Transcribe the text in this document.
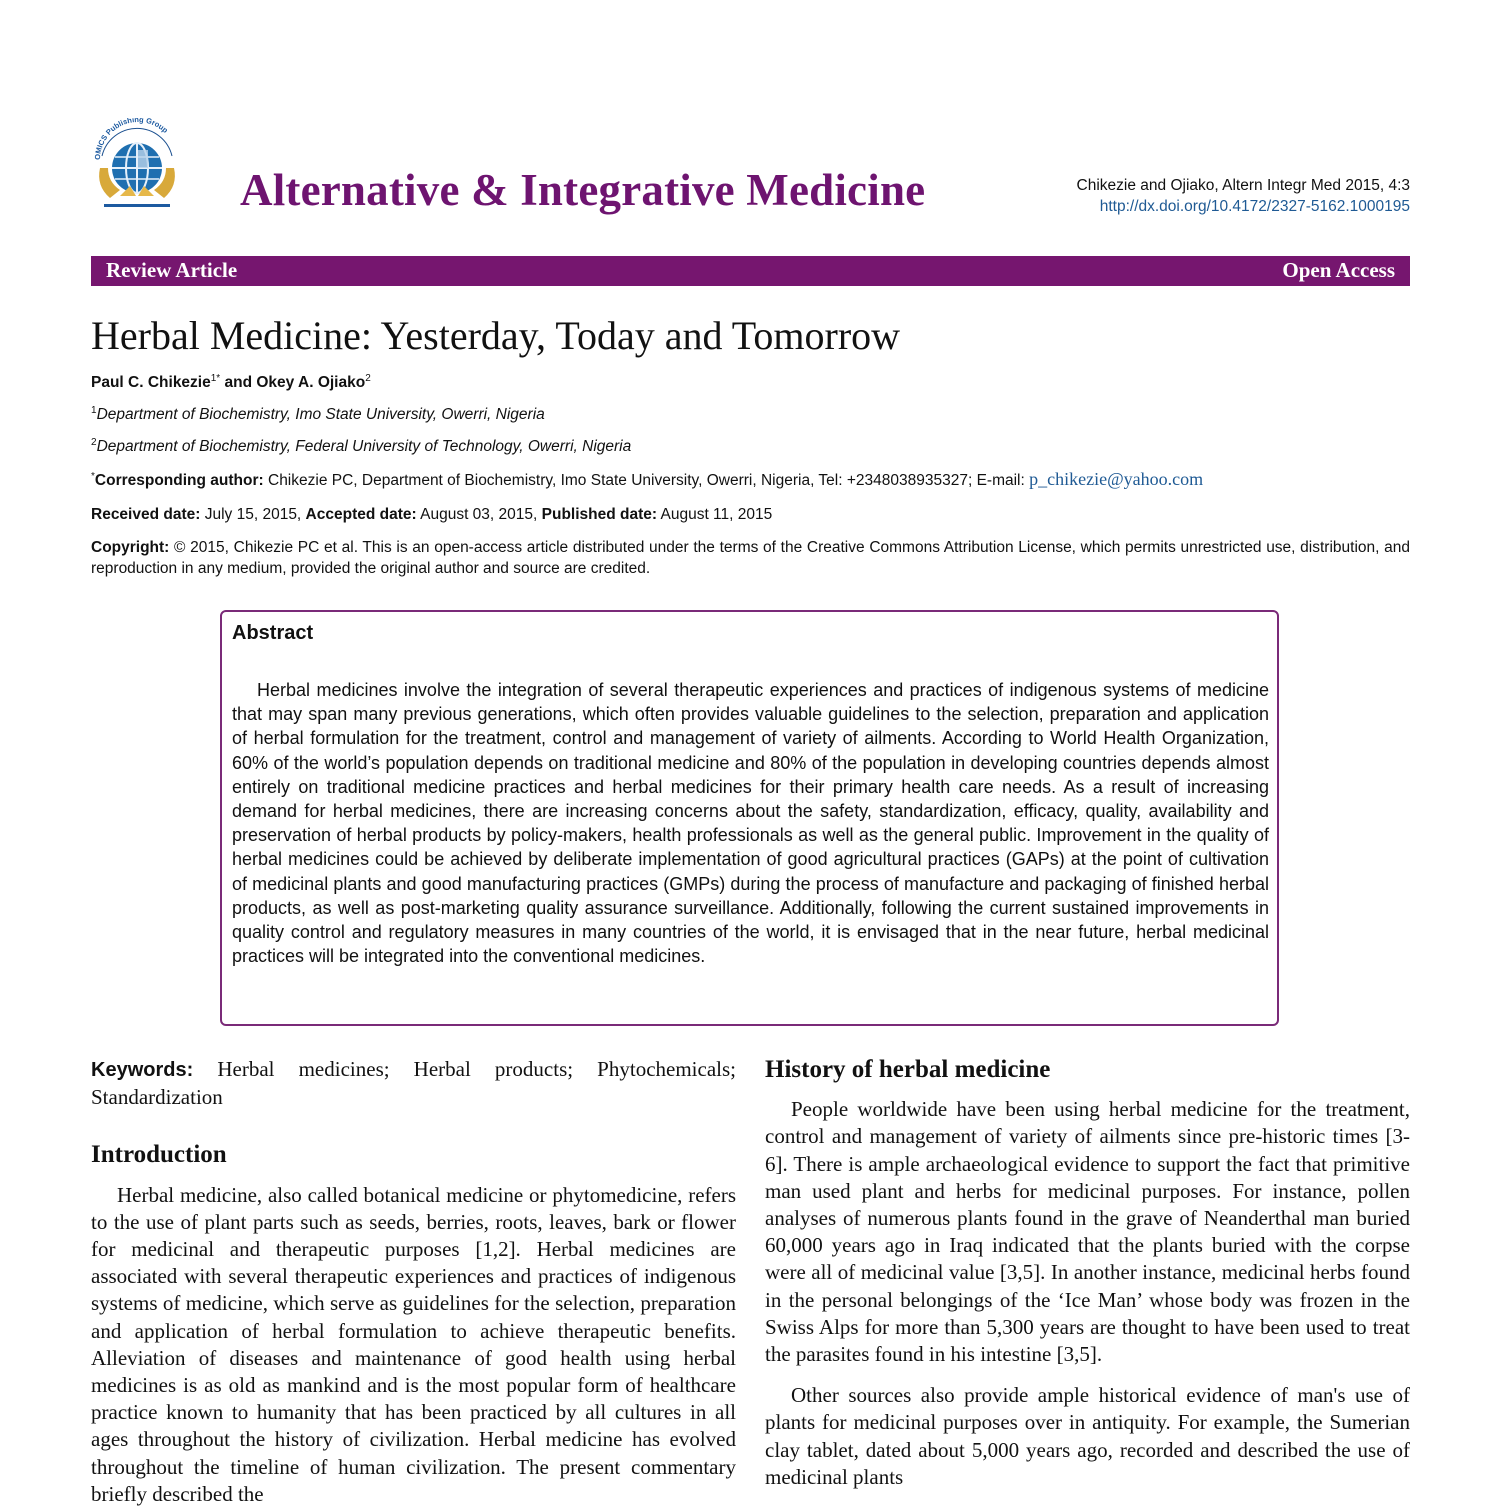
OMICS Publishing Group
Alternative & Integrative Medicine	Chikezie and Ojiako, Altern Integr Med 2015, 4:3
http://dx.doi.org/10.4172/2327-5162.1000195
Review Article	Open Access
Herbal Medicine: Yesterday, Today and Tomorrow
Paul C. Chikezie$^{1*}$ and Okey A. Ojiako$^2$
$^1$Department of Biochemistry, Imo State University, Owerri, Nigeria
$^2$Department of Biochemistry, Federal University of Technology, Owerri, Nigeria
*Corresponding author: Chikezie PC, Department of Biochemistry, Imo State University, Owerri, Nigeria, Tel: +2348038935327; E-mail: p_chikezie@yahoo.com
Received date: July 15, 2015, Accepted date: August 03, 2015, Published date: August 11, 2015
Copyright: © 2015, Chikezie PC et al. This is an open-access article distributed under the terms of the Creative Commons Attribution License, which permits unrestricted use, distribution, and reproduction in any medium, provided the original author and source are credited.
Abstract

Herbal medicines involve the integration of several therapeutic experiences and practices of indigenous systems of medicine that may span many previous generations, which often provides valuable guidelines to the selection, preparation and application of herbal formulation for the treatment, control and management of variety of ailments. According to World Health Organization, 60% of the world’s population depends on traditional medicine and 80% of the population in developing countries depends almost entirely on traditional medicine practices and herbal medicines for their primary health care needs. As a result of increasing demand for herbal medicines, there are increasing concerns about the safety, standardization, efficacy, quality, availability and preservation of herbal products by policy-makers, health professionals as well as the general public. Improvement in the quality of herbal medicines could be achieved by deliberate implementation of good agricultural practices (GAPs) at the point of cultivation of medicinal plants and good manufacturing practices (GMPs) during the process of manufacture and packaging of finished herbal products, as well as post-marketing quality assurance surveillance. Additionally, following the current sustained improvements in quality control and regulatory measures in many countries of the world, it is envisaged that in the near future, herbal medicinal practices will be integrated into the conventional medicines.

Keywords: Herbal medicines; Herbal products; Phytochemicals; Standardization

Introduction

Herbal medicine, also called botanical medicine or phytomedicine, refers to the use of plant parts such as seeds, berries, roots, leaves, bark or flower for medicinal and therapeutic purposes [1,2]. Herbal medicines are associated with several therapeutic experiences and practices of indigenous systems of medicine, which serve as guidelines for the selection, preparation and application of herbal formulation to achieve therapeutic benefits. Alleviation of diseases and maintenance of good health using herbal medicines is as old as mankind and is the most popular form of healthcare practice known to humanity that has been practiced by all cultures in all ages throughout the history of civilization. Herbal medicine has evolved throughout the timeline of human civilization. The present commentary briefly described the

History of herbal medicine

People worldwide have been using herbal medicine for the treatment, control and management of variety of ailments since pre-historic times [3-6]. There is ample archaeological evidence to support the fact that primitive man used plant and herbs for medicinal purposes. For instance, pollen analyses of numerous plants found in the grave of Neanderthal man buried 60,000 years ago in Iraq indicated that the plants buried with the corpse were all of medicinal value [3,5]. In another instance, medicinal herbs found in the personal belongings of the ‘Ice Man’ whose body was frozen in the Swiss Alps for more than 5,300 years are thought to have been used to treat the parasites found in his intestine [3,5].

Other sources also provide ample historical evidence of man's use of plants for medicinal purposes over in antiquity. For example, the Sumerian clay tablet, dated about 5,000 years ago, recorded and described the use of medicinal plants
